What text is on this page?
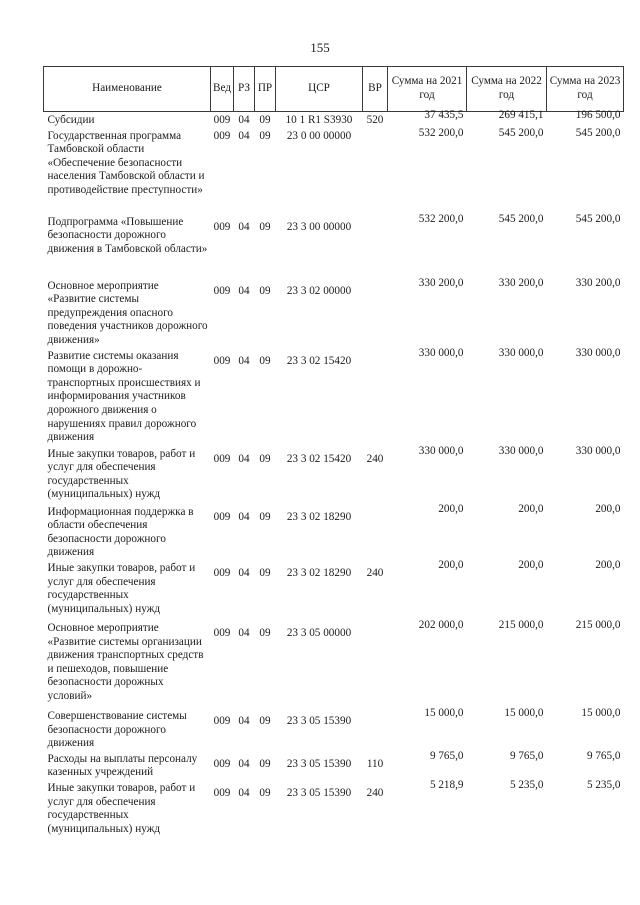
155
Наименование	Вед	РЗ	ПР	ЦСР	ВР	Сумма на 2021 год	Сумма на 2022 год	Сумма на 2023 год
Субсидии	009	04	09	10 1 R1 S3930	520	37 435,5	269 415,1	196 500,0
Государственная программа Тамбовской области «Обеспечение безопасности населения Тамбовской области и противодействие преступности»	009	04	09	23 0 00 00000		532 200,0	545 200,0	545 200,0
Подпрограмма «Повышение безопасности дорожного движения в Тамбовской области»	009	04	09	23 3 00 00000		532 200,0	545 200,0	545 200,0
Основное мероприятие «Развитие системы предупреждения опасного поведения участников дорожного движения»	009	04	09	23 3 02 00000		330 200,0	330 200,0	330 200,0
Развитие системы оказания помощи в дорожно-транспортных происшествиях и информирования участников дорожного движения о нарушениях правил дорожного движения	009	04	09	23 3 02 15420		330 000,0	330 000,0	330 000,0
Иные закупки товаров, работ и услуг для обеспечения государственных (муниципальных) нужд	009	04	09	23 3 02 15420	240	330 000,0	330 000,0	330 000,0
Информационная поддержка в области обеспечения безопасности дорожного движения	009	04	09	23 3 02 18290		200,0	200,0	200,0
Иные закупки товаров, работ и услуг для обеспечения государственных (муниципальных) нужд	009	04	09	23 3 02 18290	240	200,0	200,0	200,0
Основное мероприятие «Развитие системы организации движения транспортных средств и пешеходов, повышение безопасности дорожных условий»	009	04	09	23 3 05 00000		202 000,0	215 000,0	215 000,0
Совершенствование системы безопасности дорожного движения	009	04	09	23 3 05 15390		15 000,0	15 000,0	15 000,0
Расходы на выплаты персоналу казенных учреждений	009	04	09	23 3 05 15390	110	9 765,0	9 765,0	9 765,0
Иные закупки товаров, работ и услуг для обеспечения государственных (муниципальных) нужд	009	04	09	23 3 05 15390	240	5 218,9	5 235,0	5 235,0
